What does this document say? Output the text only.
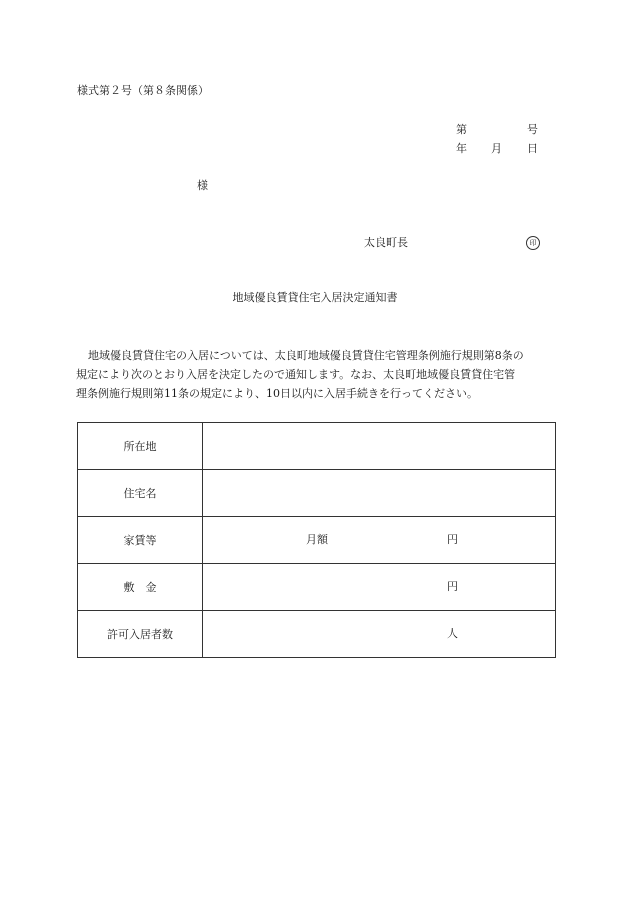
様式第２号（第８条関係）
第	号
年 月 日
様
太良町長	印
地域優良賃貸住宅入居決定通知書
地域優良賃貸住宅の入居については、太良町地域優良賃貸住宅管理条例施行規則第8条の
規定により次のとおり入居を決定したので通知します。なお、太良町地域優良賃貸住宅管
理条例施行規則第11条の規定により、10日以内に入居手続きを行ってください。
所在地	

住宅名	

家賃等	月額 円

敷　金	円

許可入居者数	人
